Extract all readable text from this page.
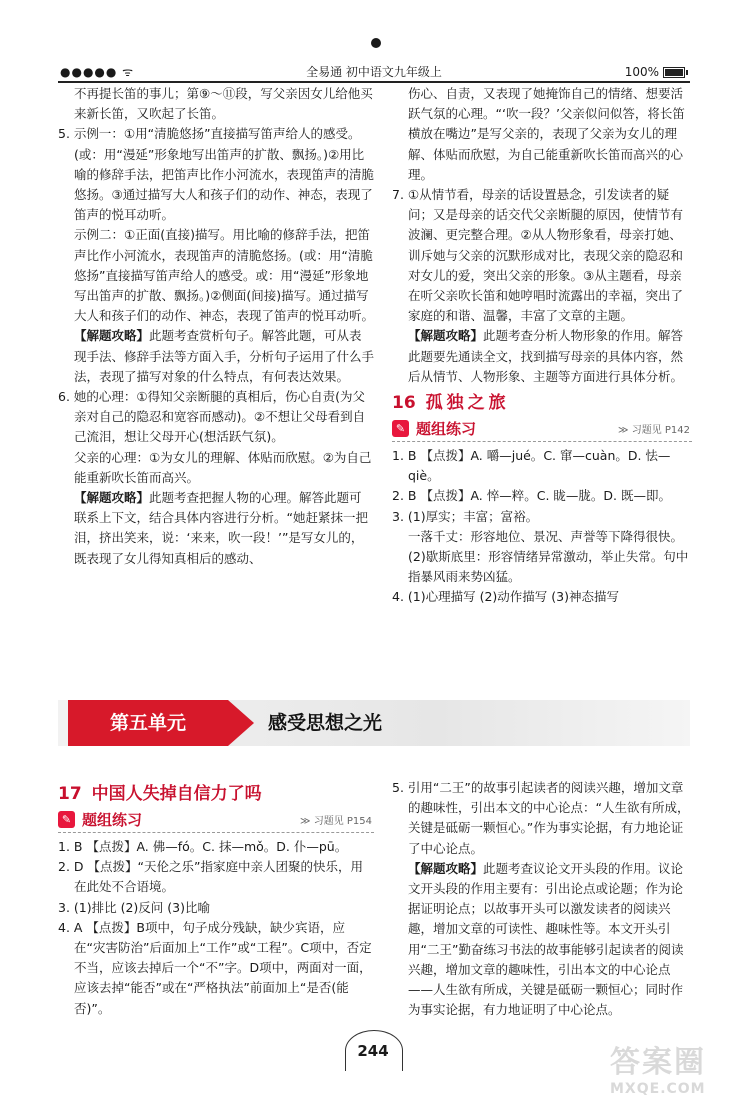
●●●●● ᯤ	全易通 初中语文九年级上	100%

不再提长笛的事儿；第⑨～⑪段，写父亲因女儿给他买来新长笛，又吹起了长笛。

5. 示例一：①用“清脆悠扬”直接描写笛声给人的感受。(或：用“漫延”形象地写出笛声的扩散、飘扬。)②用比喻的修辞手法，把笛声比作小河流水，表现笛声的清脆悠扬。③通过描写大人和孩子们的动作、神态，表现了笛声的悦耳动听。

示例二：①正面(直接)描写。用比喻的修辞手法，把笛声比作小河流水，表现笛声的清脆悠扬。(或：用“清脆悠扬”直接描写笛声给人的感受。或：用“漫延”形象地写出笛声的扩散、飘扬。)②侧面(间接)描写。通过描写大人和孩子们的动作、神态，表现了笛声的悦耳动听。

【解题攻略】此题考查赏析句子。解答此题，可从表现手法、修辞手法等方面入手，分析句子运用了什么手法，表现了描写对象的什么特点，有何表达效果。

6. 她的心理：①得知父亲断腿的真相后，伤心自责(为父亲对自己的隐忍和宽容而感动)。②不想让父母看到自己流泪，想让父母开心(想活跃气氛)。

父亲的心理：①为女儿的理解、体贴而欣慰。②为自己能重新吹长笛而高兴。

【解题攻略】此题考查把握人物的心理。解答此题可联系上下文，结合具体内容进行分析。“她赶紧抹一把泪，挤出笑来，说：‘来来，吹一段！’”是写女儿的，既表现了女儿得知真相后的感动、

伤心、自责，又表现了她掩饰自己的情绪、想要活跃气氛的心理。“‘吹一段？’父亲似问似答，将长笛横放在嘴边”是写父亲的，表现了父亲为女儿的理解、体贴而欣慰，为自己能重新吹长笛而高兴的心理。

7. ①从情节看，母亲的话设置悬念，引发读者的疑问；又是母亲的话交代父亲断腿的原因，使情节有波澜、更完整合理。②从人物形象看，母亲打她、训斥她与父亲的沉默形成对比，表现父亲的隐忍和对女儿的爱，突出父亲的形象。③从主题看，母亲在听父亲吹长笛和她哼唱时流露出的幸福，突出了家庭的和谐、温馨，丰富了文章的主题。

【解题攻略】此题考查分析人物形象的作用。解答此题要先通读全文，找到描写母亲的具体内容，然后从情节、人物形象、主题等方面进行具体分析。

16 孤独之旅

✎ 题组练习	≫ 习题见 P142

1. B 【点拨】A. 嚼—jué。C. 窜—cuàn。D. 怯—qiè。

2. B 【点拨】A. 悴—粹。C. 眬—胧。D. 既—即。

3. (1)厚实；丰富；富裕。

一落千丈：形容地位、景况、声誉等下降得很快。

(2)歇斯底里：形容情绪异常激动，举止失常。句中指暴风雨来势凶猛。

4. (1)心理描写 (2)动作描写 (3)神态描写

第五单元	感受思想之光

17 中国人失掉自信力了吗

✎ 题组练习	≫ 习题见 P154

1. B 【点拨】A. 佛—fó。C. 抹—mǒ。D. 仆—pū。

2. D 【点拨】“天伦之乐”指家庭中亲人团聚的快乐，用在此处不合语境。

3. (1)排比 (2)反问 (3)比喻

4. A 【点拨】B项中，句子成分残缺，缺少宾语，应在“灾害防治”后面加上“工作”或“工程”。C项中，否定不当，应该去掉后一个“不”字。D项中，两面对一面，应该去掉“能否”或在“严格执法”前面加上“是否(能否)”。

5. 引用“二王”的故事引起读者的阅读兴趣，增加文章的趣味性，引出本文的中心论点：“人生欲有所成，关键是砥砺一颗恒心。”作为事实论据，有力地论证了中心论点。

【解题攻略】此题考查议论文开头段的作用。议论文开头段的作用主要有：引出论点或论题；作为论据证明论点；以故事开头可以激发读者的阅读兴趣，增加文章的可读性、趣味性等。本文开头引用“二王”勤奋练习书法的故事能够引起读者的阅读兴趣，增加文章的趣味性，引出本文的中心论点——人生欲有所成，关键是砥砺一颗恒心；同时作为事实论据，有力地证明了中心论点。

244	答案圈
MXQE.COM
